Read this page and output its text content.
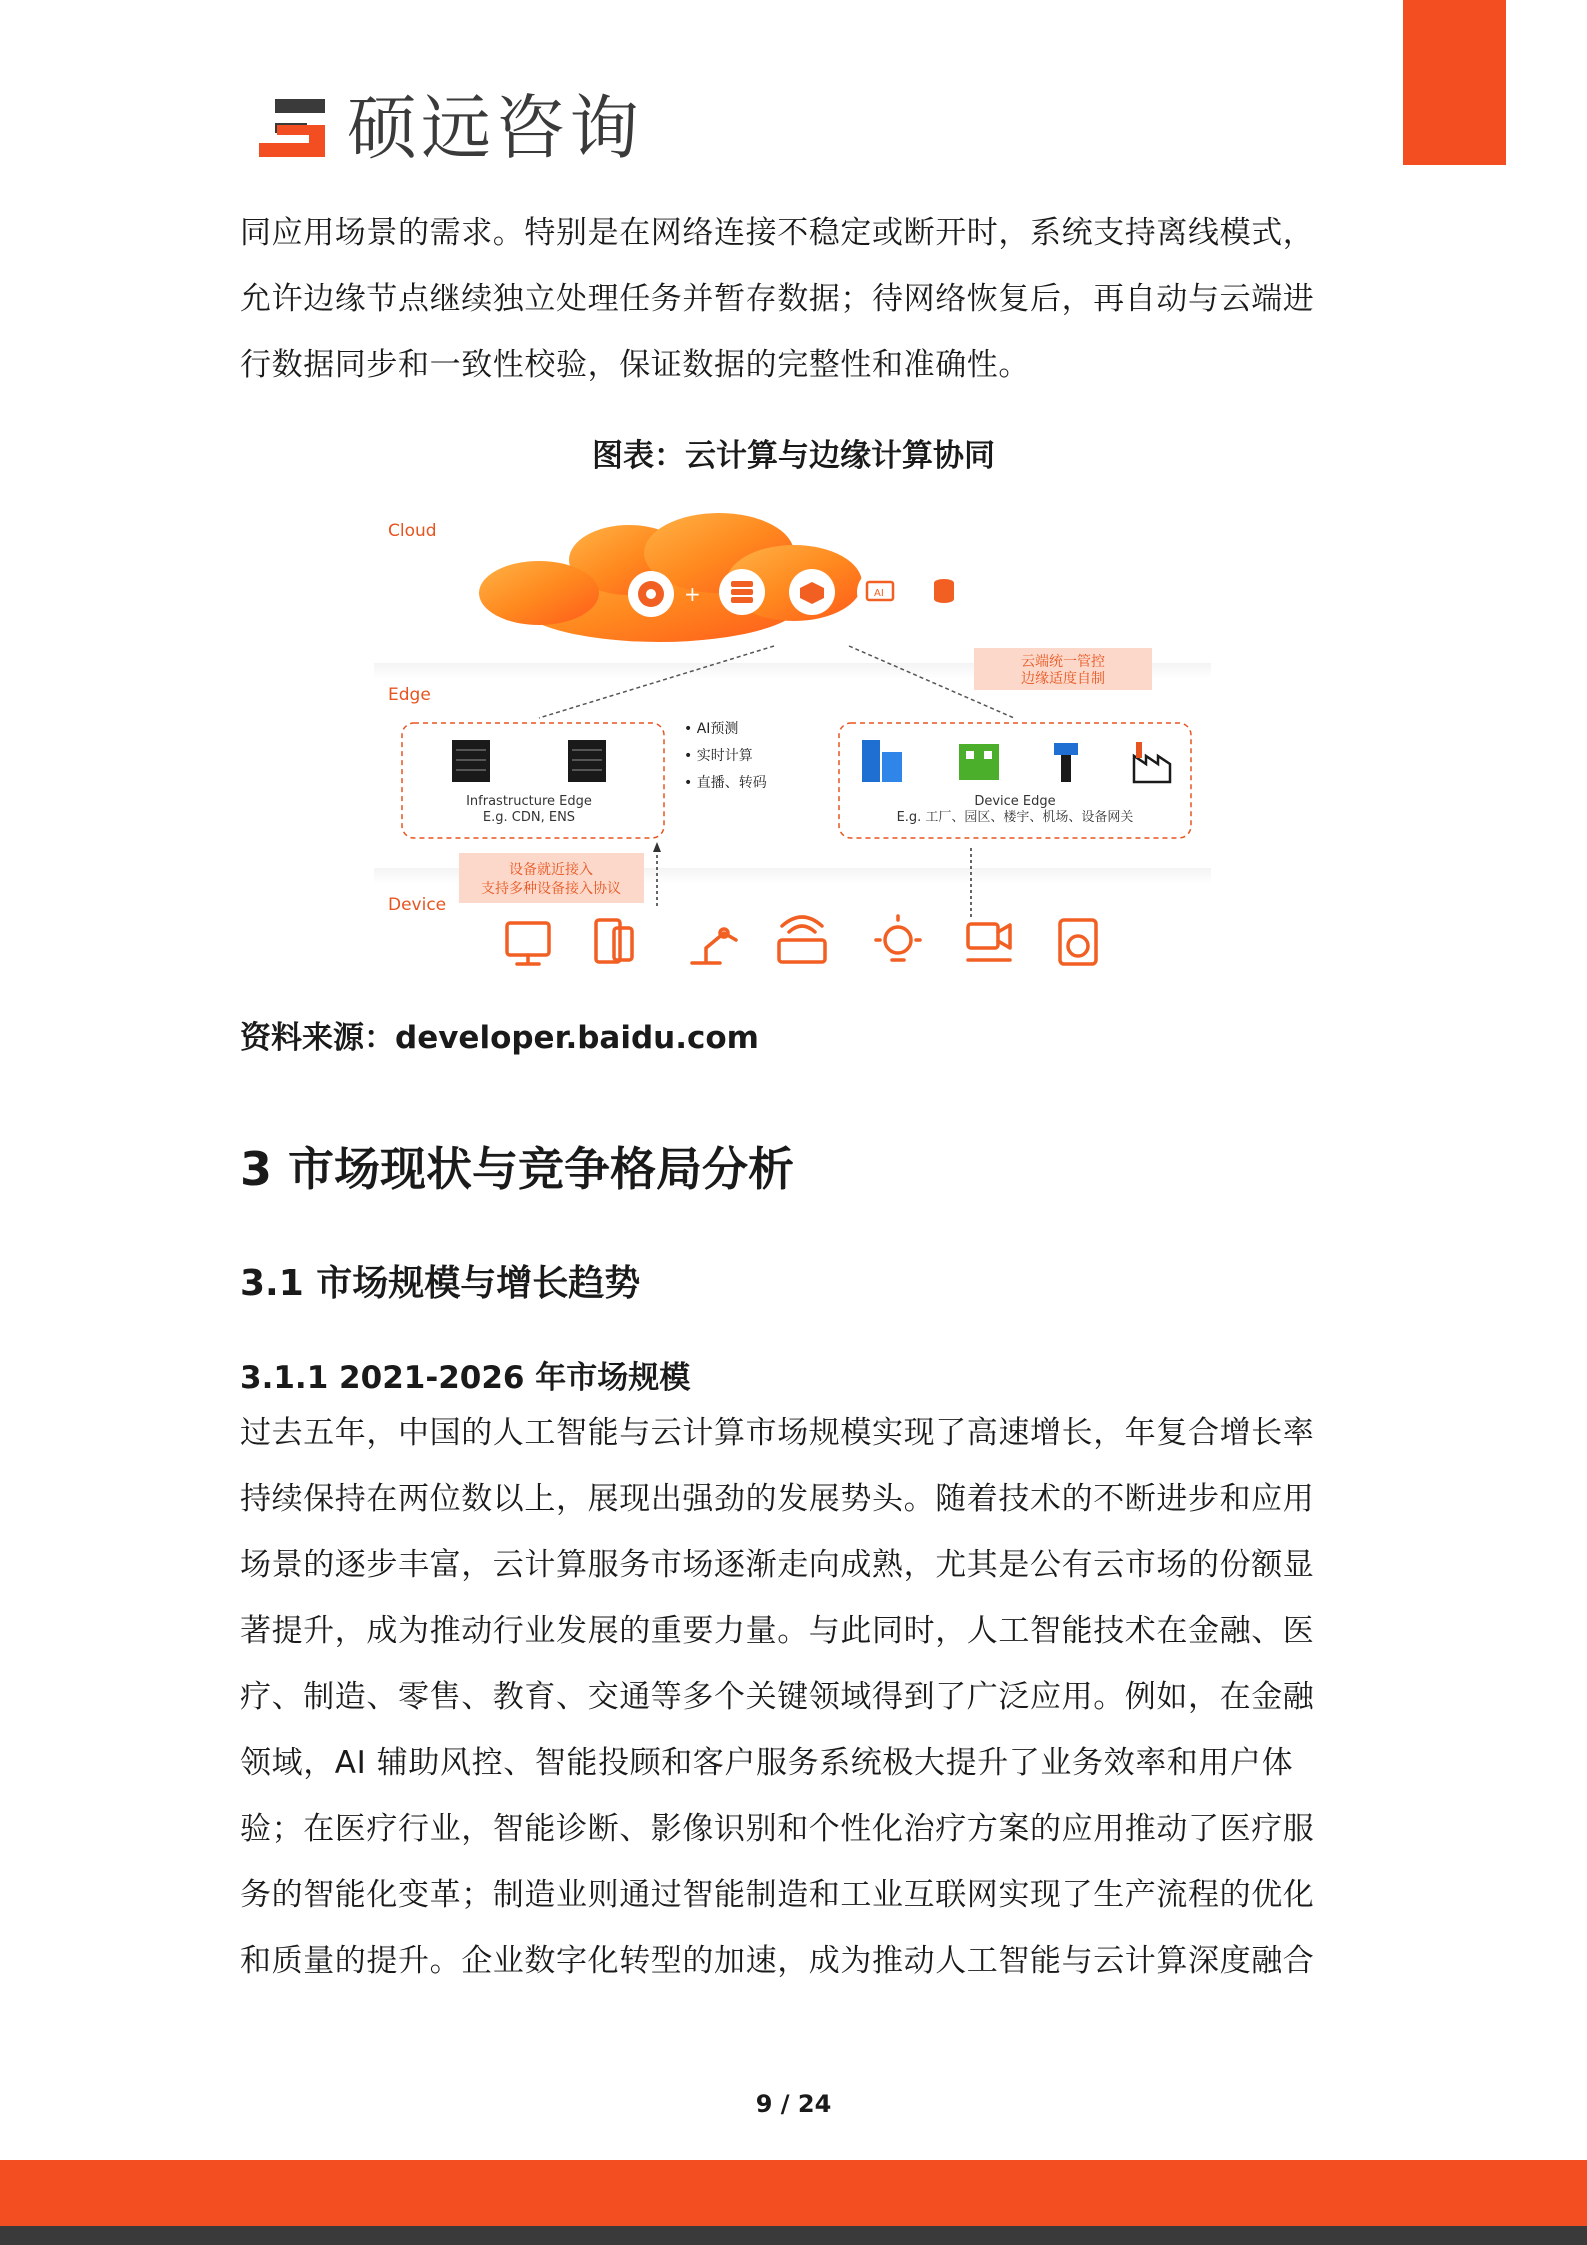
硕远咨询

同应用场景的需求。特别是在网络连接不稳定或断开时，系统支持离线模式，
允许边缘节点继续独立处理任务并暂存数据；待网络恢复后，再自动与云端进
行数据同步和一致性校验，保证数据的完整性和准确性。

图表：云计算与边缘计算协同
Cloud
Edge
Device
+	AI
云端统一管控
边缘适度自制
Infrastructure Edge
E.g. CDN, ENS
• AI预测
• 实时计算
• 直播、转码
Device Edge
E.g. 工厂、园区、楼宇、机场、设备网关
设备就近接入
支持多种设备接入协议
资料来源：developer.baidu.com
3 市场现状与竞争格局分析
3.1 市场规模与增长趋势
3.1.1 2021-2026 年市场规模

过去五年，中国的人工智能与云计算市场规模实现了高速增长，年复合增长率
持续保持在两位数以上，展现出强劲的发展势头。随着技术的不断进步和应用
场景的逐步丰富，云计算服务市场逐渐走向成熟，尤其是公有云市场的份额显
著提升，成为推动行业发展的重要力量。与此同时，人工智能技术在金融、医
疗、制造、零售、教育、交通等多个关键领域得到了广泛应用。例如，在金融
领域，AI 辅助风控、智能投顾和客户服务系统极大提升了业务效率和用户体
验；在医疗行业，智能诊断、影像识别和个性化治疗方案的应用推动了医疗服
务的智能化变革；制造业则通过智能制造和工业互联网实现了生产流程的优化
和质量的提升。企业数字化转型的加速，成为推动人工智能与云计算深度融合

9 / 24
